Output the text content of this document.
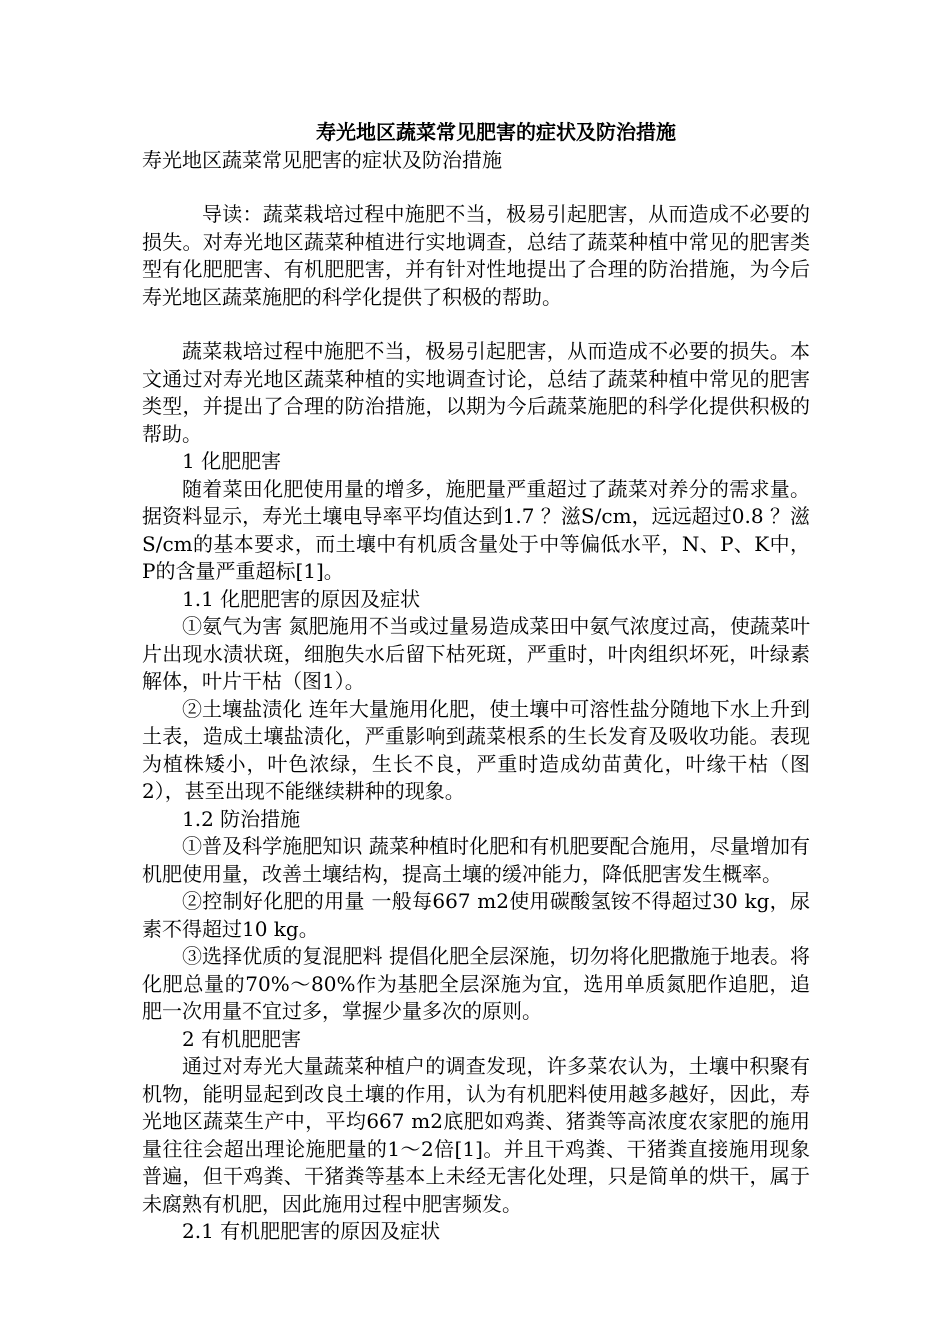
寿光地区蔬菜常见肥害的症状及防治措施
寿光地区蔬菜常见肥害的症状及防治措施

导读：蔬菜栽培过程中施肥不当，极易引起肥害，从而造成不必要的损失。对寿光地区蔬菜种植进行实地调查，总结了蔬菜种植中常见的肥害类型有化肥肥害、有机肥肥害，并有针对性地提出了合理的防治措施，为今后寿光地区蔬菜施肥的科学化提供了积极的帮助。

蔬菜栽培过程中施肥不当，极易引起肥害，从而造成不必要的损失。本文通过对寿光地区蔬菜种植的实地调查讨论，总结了蔬菜种植中常见的肥害类型，并提出了合理的防治措施，以期为今后蔬菜施肥的科学化提供积极的帮助。

1 化肥肥害

随着菜田化肥使用量的增多，施肥量严重超过了蔬菜对养分的需求量。据资料显示，寿光土壤电导率平均值达到1.7 ？滋S/cm，远远超过0.8 ？滋S/cm的基本要求，而土壤中有机质含量处于中等偏低水平，N、P、K中，P的含量严重超标[1]。

1.1 化肥肥害的原因及症状

①氨气为害 氮肥施用不当或过量易造成菜田中氨气浓度过高，使蔬菜叶片出现水渍状斑，细胞失水后留下枯死斑，严重时，叶肉组织坏死，叶绿素解体，叶片干枯（图1）。

②土壤盐渍化 连年大量施用化肥，使土壤中可溶性盐分随地下水上升到土表，造成土壤盐渍化，严重影响到蔬菜根系的生长发育及吸收功能。表现为植株矮小，叶色浓绿，生长不良，严重时造成幼苗黄化，叶缘干枯（图2），甚至出现不能继续耕种的现象。

1.2 防治措施

①普及科学施肥知识 蔬菜种植时化肥和有机肥要配合施用，尽量增加有机肥使用量，改善土壤结构，提高土壤的缓冲能力，降低肥害发生概率。

②控制好化肥的用量 一般每667 m2使用碳酸氢铵不得超过30 kg，尿素不得超过10 kg。

③选择优质的复混肥料 提倡化肥全层深施，切勿将化肥撒施于地表。将化肥总量的70%～80%作为基肥全层深施为宜，选用单质氮肥作追肥，追肥一次用量不宜过多，掌握少量多次的原则。

2 有机肥肥害

通过对寿光大量蔬菜种植户的调查发现，许多菜农认为，土壤中积聚有机物，能明显起到改良土壤的作用，认为有机肥料使用越多越好，因此，寿光地区蔬菜生产中，平均667 m2底肥如鸡粪、猪粪等高浓度农家肥的施用量往往会超出理论施肥量的1～2倍[1]。并且干鸡粪、干猪粪直接施用现象普遍，但干鸡粪、干猪粪等基本上未经无害化处理，只是简单的烘干，属于未腐熟有机肥，因此施用过程中肥害频发。

2.1 有机肥肥害的原因及症状
